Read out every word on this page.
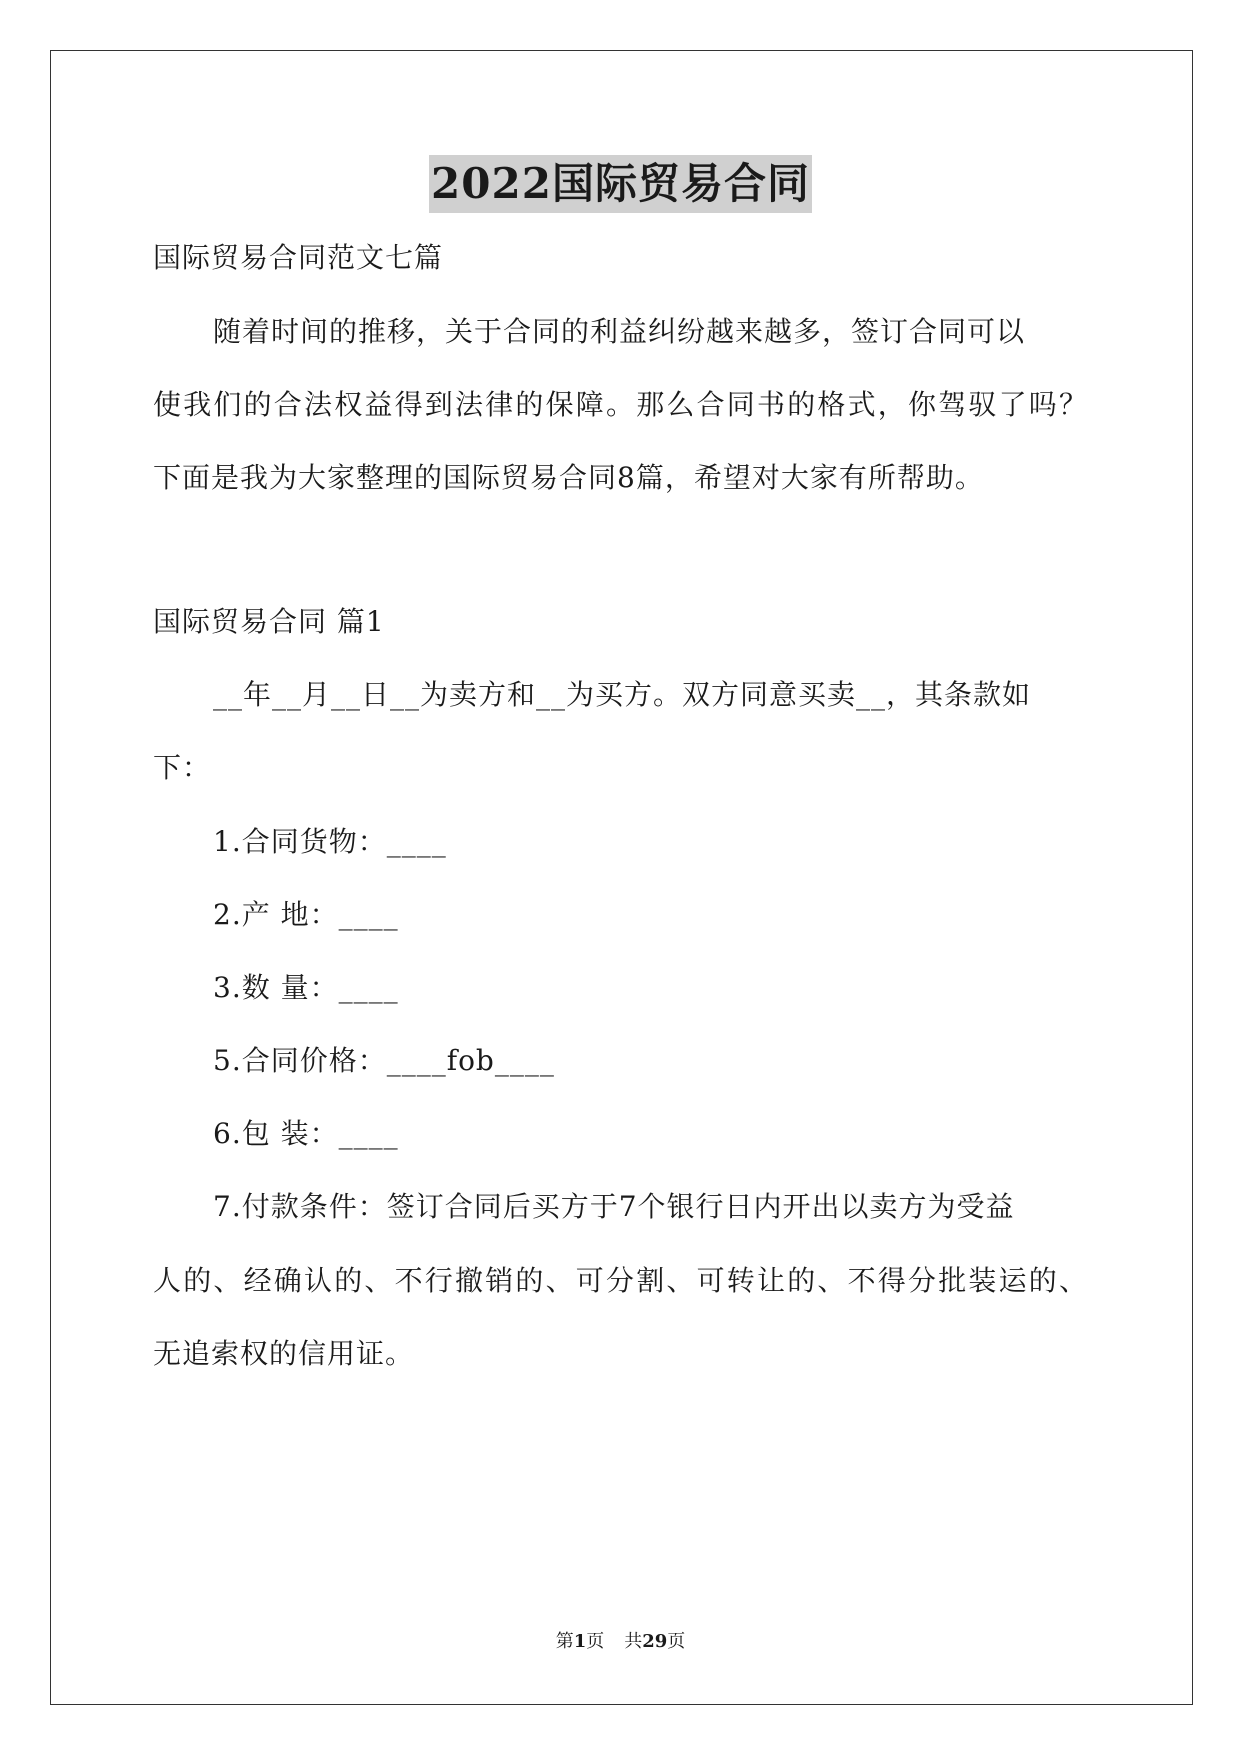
2022国际贸易合同
国际贸易合同范文七篇
随着时间的推移，关于合同的利益纠纷越来越多，签订合同可以
使我们的合法权益得到法律的保障。那么合同书的格式，你驾驭了吗？
下面是我为大家整理的国际贸易合同8篇，希望对大家有所帮助。
国际贸易合同 篇1
__年__月__日__为卖方和__为买方。双方同意买卖__，其条款如
下：
1.合同货物：____
2.产 地：____
3.数 量：____
5.合同价格：____fob____
6.包 装：____
7.付款条件：签订合同后买方于7个银行日内开出以卖方为受益
人的、经确认的、不行撤销的、可分割、可转让的、不得分批装运的、
无追索权的信用证。
第1页 共29页
